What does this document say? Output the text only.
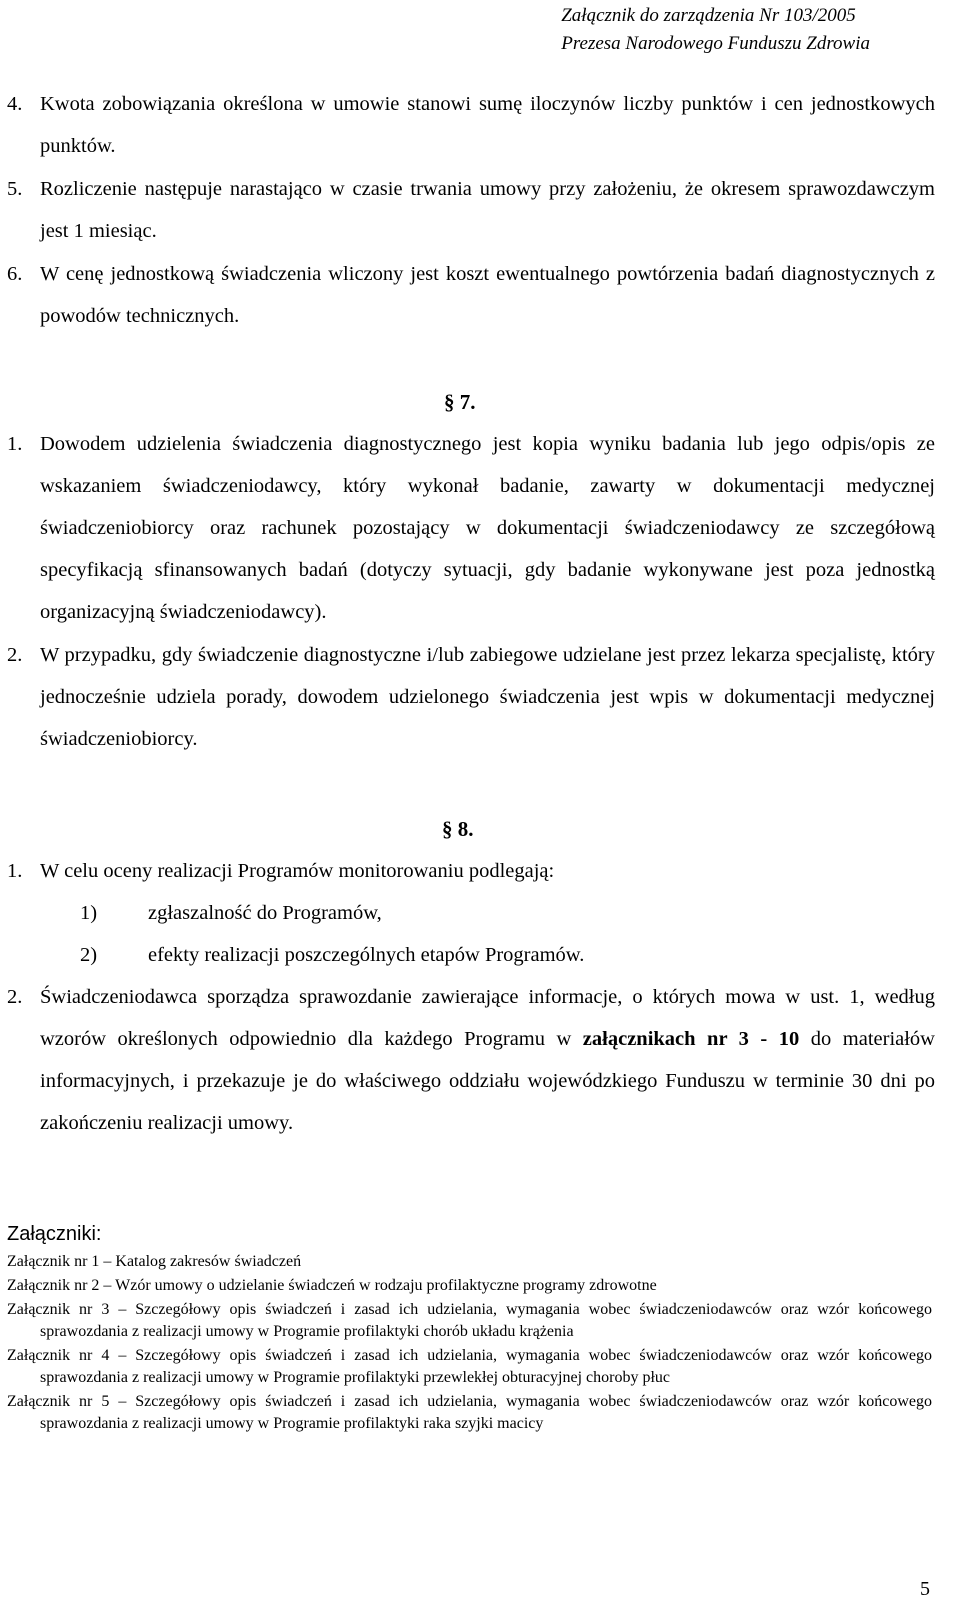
Załącznik do zarządzenia Nr 103/2005
Prezesa Narodowego Funduszu Zdrowia
4. Kwota zobowiązania określona w umowie stanowi sumę iloczynów liczby punktów i cen jednostkowych punktów.
5. Rozliczenie następuje narastająco w czasie trwania umowy przy założeniu, że okresem sprawozdawczym jest 1 miesiąc.
6. W cenę jednostkową świadczenia wliczony jest koszt ewentualnego powtórzenia badań diagnostycznych z powodów technicznych.
§ 7.
1. Dowodem udzielenia świadczenia diagnostycznego jest kopia wyniku badania lub jego odpis/opis ze wskazaniem świadczeniodawcy, który wykonał badanie, zawarty w dokumentacji medycznej świadczeniobiorcy oraz rachunek pozostający w dokumentacji świadczeniodawcy ze szczegółową specyfikacją sfinansowanych badań (dotyczy sytuacji, gdy badanie wykonywane jest poza jednostką organizacyjną świadczeniodawcy).
2. W przypadku, gdy świadczenie diagnostyczne i/lub zabiegowe udzielane jest przez lekarza specjalistę, który jednocześnie udziela porady, dowodem udzielonego świadczenia jest wpis w dokumentacji medycznej świadczeniobiorcy.
§ 8.
1. W celu oceny realizacji Programów monitorowaniu podlegają:
1) zgłaszalność do Programów,
2) efekty realizacji poszczególnych etapów Programów.
2. Świadczeniodawca sporządza sprawozdanie zawierające informacje, o których mowa w ust. 1, według wzorów określonych odpowiednio dla każdego Programu w załącznikach nr 3 - 10 do materiałów informacyjnych, i przekazuje je do właściwego oddziału wojewódzkiego Funduszu w terminie 30 dni po zakończeniu realizacji umowy.
Załączniki:
Załącznik nr 1 – Katalog zakresów świadczeń
Załącznik nr 2 – Wzór umowy o udzielanie świadczeń w rodzaju profilaktyczne programy zdrowotne
Załącznik nr 3 – Szczegółowy opis świadczeń i zasad ich udzielania, wymagania wobec świadczeniodawców oraz wzór końcowego sprawozdania z realizacji umowy w Programie profilaktyki chorób układu krążenia
Załącznik nr 4 – Szczegółowy opis świadczeń i zasad ich udzielania, wymagania wobec świadczeniodawców oraz wzór końcowego sprawozdania z realizacji umowy w Programie profilaktyki przewlekłej obturacyjnej choroby płuc
Załącznik nr 5 – Szczegółowy opis świadczeń i zasad ich udzielania, wymagania wobec świadczeniodawców oraz wzór końcowego sprawozdania z realizacji umowy w Programie profilaktyki raka szyjki macicy
5
